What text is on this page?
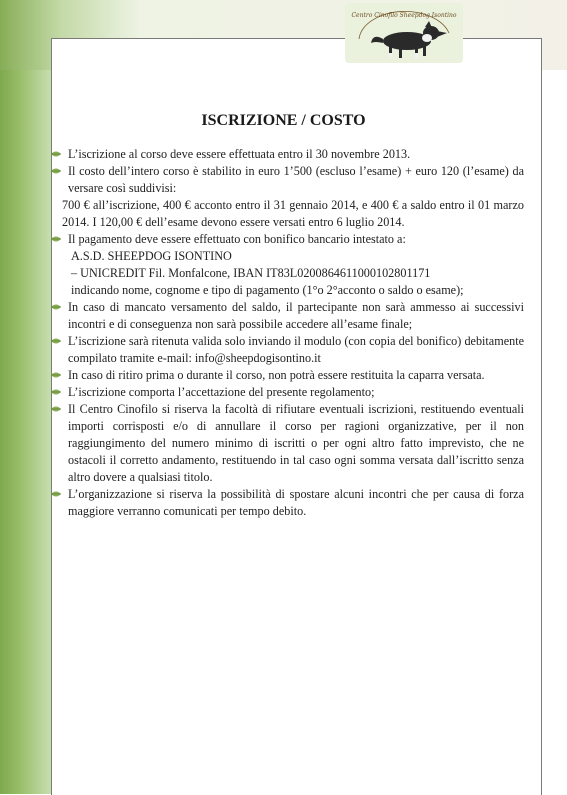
Centro Cinofilo Sheepdog Isontino
ISCRIZIONE / COSTO
L’iscrizione al corso deve essere effettuata entro il 30 novembre 2013.
Il costo dell’intero corso è stabilito in euro 1’500 (escluso l’esame) + euro 120 (l’esame) da versare così suddivisi:
700 € all’iscrizione, 400 € acconto entro il 31 gennaio 2014, e 400 € a saldo entro il 01 marzo 2014. I 120,00 € dell’esame devono essere versati entro 6 luglio 2014.
Il pagamento deve essere effettuato con bonifico bancario intestato a:
A.S.D. SHEEPDOG ISONTINO
– UNICREDIT Fil. Monfalcone, IBAN IT83L0200864611000102801171
indicando nome, cognome e tipo di pagamento (1°o 2°acconto o saldo o esame);
In caso di mancato versamento del saldo, il partecipante non sarà ammesso ai successivi incontri e di conseguenza non sarà possibile accedere all’esame finale;
L’iscrizione sarà ritenuta valida solo inviando il modulo (con copia del bonifico) debitamente compilato tramite e-mail: info@sheepdogisontino.it
In caso di ritiro prima o durante il corso, non potrà essere restituita la caparra versata.
L’iscrizione comporta l’accettazione del presente regolamento;
Il Centro Cinofilo si riserva la facoltà di rifiutare eventuali iscrizioni, restituendo eventuali importi corrisposti e/o di annullare il corso per ragioni organizzative, per il non raggiungimento del numero minimo di iscritti o per ogni altro fatto imprevisto, che ne ostacoli il corretto andamento, restituendo in tal caso ogni somma versata dall’iscritto senza altro dovere a qualsiasi titolo.
L’organizzazione si riserva la possibilità di spostare alcuni incontri che per causa di forza maggiore verranno comunicati per tempo debito.
